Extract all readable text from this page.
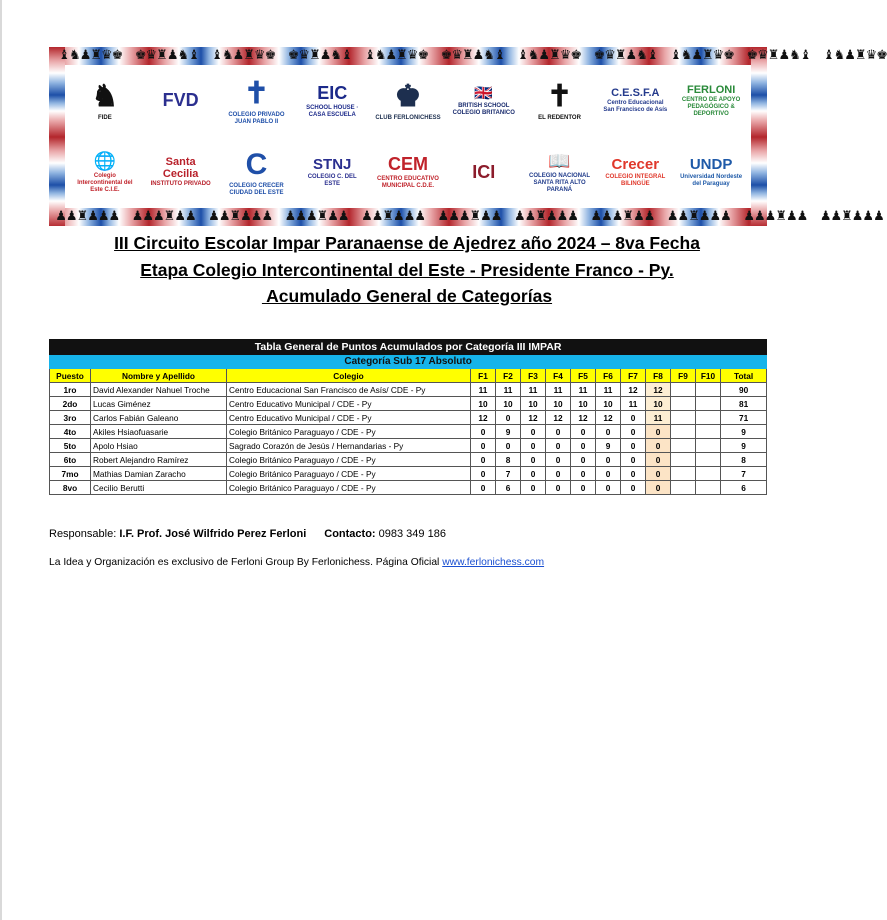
♝♞♟♜♛♚    ♚♛♜♟♞♝    ♝♞♟♜♛♚    ♚♛♜♟♞♝    ♝♞♟♜♛♚    ♚♛♜♟♞♝    ♝♞♟♜♛♚    ♚♛♜♟♞♝    ♝♞♟♜♛♚    ♚♛♜♟♞♝    ♝♞♟♜♛♚
♟♟♜♟♟♟    ♟♟♟♜♟♟    ♟♟♜♟♟♟    ♟♟♟♜♟♟    ♟♟♜♟♟♟    ♟♟♟♜♟♟    ♟♟♜♟♟♟    ♟♟♟♜♟♟    ♟♟♜♟♟♟    ♟♟♟♜♟♟    ♟♟♜♟♟♟
♞
FIDE
FVD ✝
COLEGIO PRIVADO JUAN PABLO II
EIC
SCHOOL HOUSE · CASA ESCUELA
♚
CLUB FERLONICHESS
🇬🇧
BRITISH SCHOOL COLEGIO BRITANICO ✝
EL REDENTOR
C.E.S.F.A
Centro Educacional San Francisco de Asís
FERLONI
CENTRO DE APOYO PEDAGÓGICO & DEPORTIVO
🌐
Colegio Intercontinental del Este C.I.E.
Santa Cecilia
INSTITUTO PRIVADO
C
COLEGIO CRECER CIUDAD DEL ESTE
STNJ
COLEGIO C. DEL ESTE
CEM
CENTRO EDUCATIVO MUNICIPAL C.D.E.
ICI
📖
COLEGIO NACIONAL SANTA RITA ALTO PARANÁ
Crecer
COLEGIO INTEGRAL BILINGÜE
UNDP
Universidad Nordeste del Paraguay
III Circuito Escolar Impar Paranaense de Ajedrez año 2024 – 8va Fecha
Etapa Colegio Intercontinental del Este - Presidente Franco - Py.
Acumulado General de Categorías
Tabla General de Puntos Acumulados por Categoría III IMPAR													
Categoría Sub 17 Absoluto													
Puesto	Nombre y Apellido	Colegio	F1	F2	F3	F4	F5	F6	F7	F8	F9	F10	Total
1ro	David Alexander Nahuel Troche	Centro Educacional San Francisco de Asís/ CDE - Py	11	11	11	11	11	11	12	12			90
2do	Lucas Giménez	Centro Educativo Municipal / CDE - Py	10	10	10	10	10	10	11	10			81
3ro	Carlos Fabián Galeano	Centro Educativo Municipal / CDE - Py	12	0	12	12	12	12	0	11			71
4to	Akiles Hsiaofuasarie	Colegio Británico Paraguayo / CDE - Py	0	9	0	0	0	0	0	0			9
5to	Apolo Hsiao	Sagrado Corazón de Jesús / Hernandarias - Py	0	0	0	0	0	9	0	0			9
6to	Robert Alejandro Ramírez	Colegio Británico Paraguayo / CDE - Py	0	8	0	0	0	0	0	0			8
7mo	Mathias Damian Zaracho	Colegio Británico Paraguayo / CDE - Py	0	7	0	0	0	0	0	0			7
8vo	Cecilio Berutti	Colegio Británico Paraguayo / CDE - Py	0	6	0	0	0	0	0	0			6
Responsable: I.F. Prof. José Wilfrido Perez Ferloni Contacto: 0983 349 186
La Idea y Organización es exclusivo de Ferloni Group By Ferlonichess. Página Oficial www.ferlonichess.com
